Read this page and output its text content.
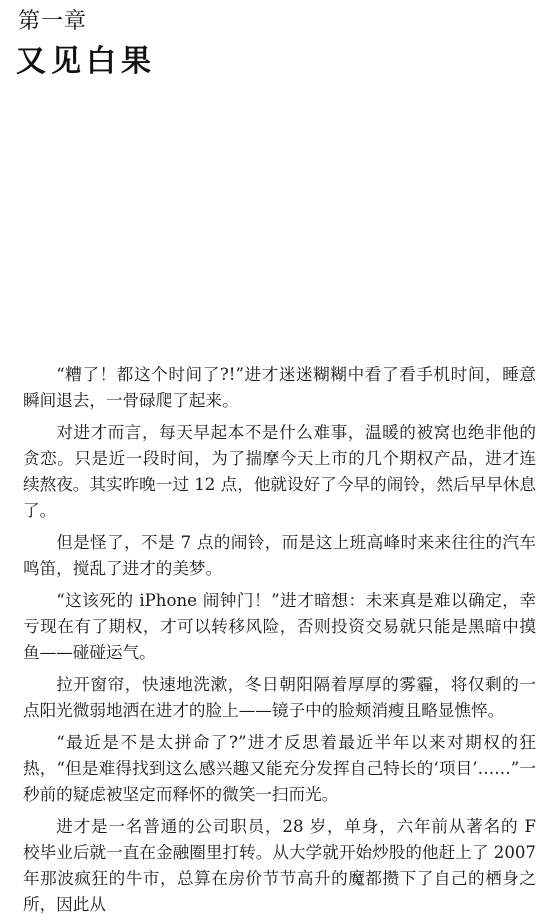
第一章
又见白果

“糟了！都这个时间了?!”进才迷迷糊糊中看了看手机时间，睡意瞬间退去，一骨碌爬了起来。

对进才而言，每天早起本不是什么难事，温暖的被窝也绝非他的贪恋。只是近一段时间，为了揣摩今天上市的几个期权产品，进才连续熬夜。其实昨晚一过 12 点，他就设好了今早的闹铃，然后早早休息了。

但是怪了，不是 7 点的闹铃，而是这上班高峰时来来往往的汽车鸣笛，搅乱了进才的美梦。

“这该死的 iPhone 闹钟门！”进才暗想：未来真是难以确定，幸亏现在有了期权，才可以转移风险，否则投资交易就只能是黑暗中摸鱼——碰碰运气。

拉开窗帘，快速地洗漱，冬日朝阳隔着厚厚的雾霾，将仅剩的一点阳光微弱地洒在进才的脸上——镜子中的脸颊消瘦且略显憔悴。

“最近是不是太拼命了?”进才反思着最近半年以来对期权的狂热，“但是难得找到这么感兴趣又能充分发挥自己特长的‘项目’……”一秒前的疑虑被坚定而释怀的微笑一扫而光。

进才是一名普通的公司职员，28 岁，单身，六年前从著名的 F 校毕业后就一直在金融圈里打转。从大学就开始炒股的他赶上了 2007 年那波疯狂的牛市，总算在房价节节高升的魔都攒下了自己的栖身之所，因此从
